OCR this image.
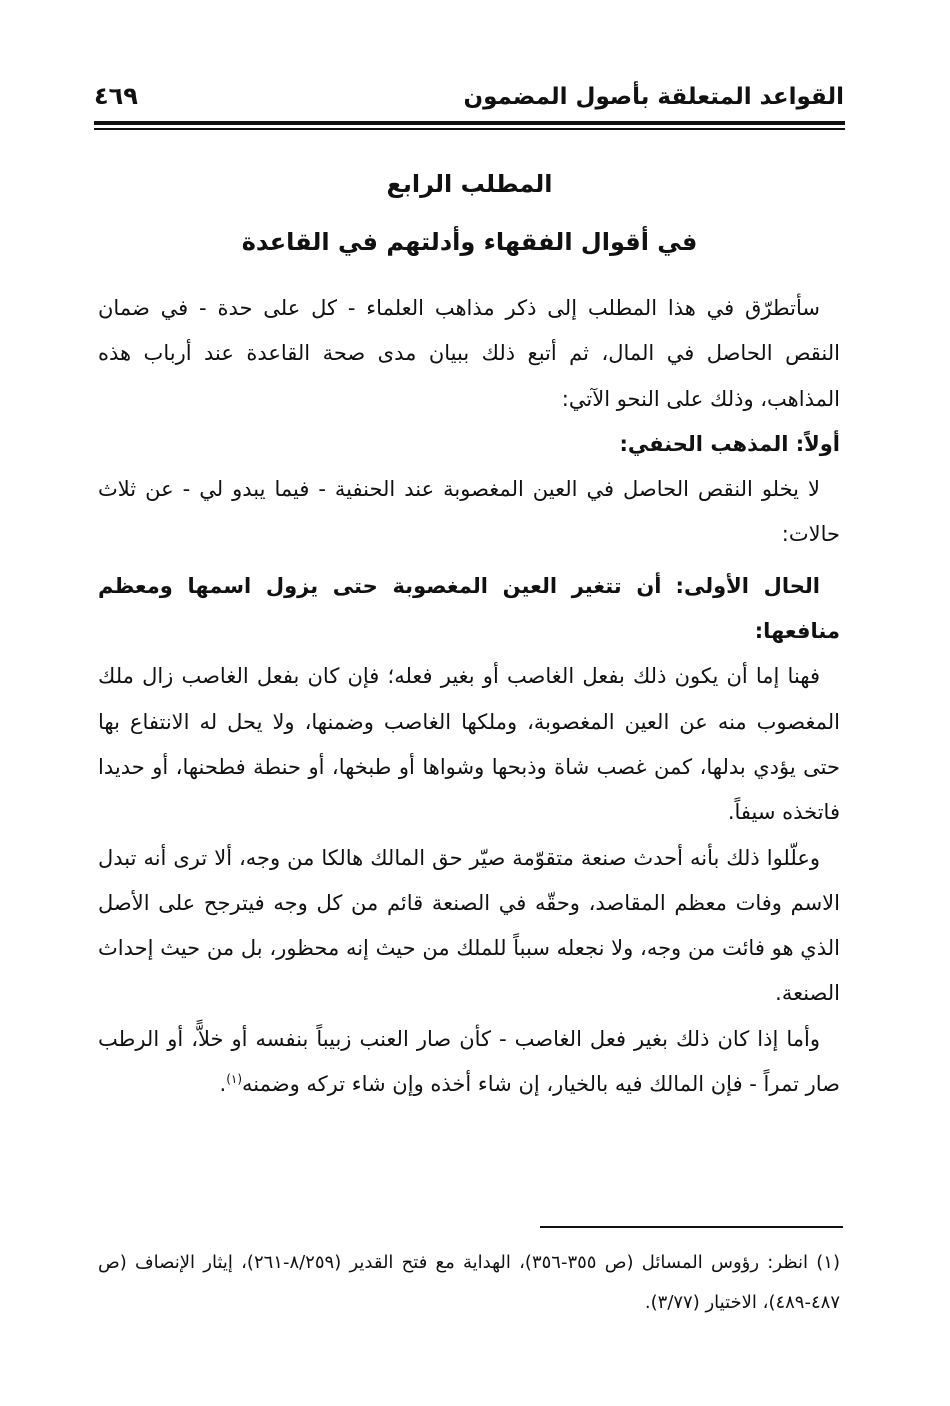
القواعد المتعلقة بأصول المضمون
٤٦٩
المطلب الرابع
في أقوال الفقهاء وأدلتهم في القاعدة

سأتطرّق في هذا المطلب إلى ذكر مذاهب العلماء - كل على حدة - في ضمان النقص الحاصل في المال، ثم أتبع ذلك ببيان مدى صحة القاعدة عند أرباب هذه المذاهب، وذلك على النحو الآتي:

أولاً: المذهب الحنفي:

لا يخلو النقص الحاصل في العين المغصوبة عند الحنفية - فيما يبدو لي - عن ثلاث حالات:

الحال الأولى: أن تتغير العين المغصوبة حتى يزول اسمها ومعظم منافعها:

فهنا إما أن يكون ذلك بفعل الغاصب أو بغير فعله؛ فإن كان بفعل الغاصب زال ملك المغصوب منه عن العين المغصوبة، وملكها الغاصب وضمنها، ولا يحل له الانتفاع بها حتى يؤدي بدلها، كمن غصب شاة وذبحها وشواها أو طبخها، أو حنطة فطحنها، أو حديدا فاتخذه سيفاً.

وعلّلوا ذلك بأنه أحدث صنعة متقوّمة صيّر حق المالك هالكا من وجه، ألا ترى أنه تبدل الاسم وفات معظم المقاصد، وحقّه في الصنعة قائم من كل وجه فيترجح على الأصل الذي هو فائت من وجه، ولا نجعله سبباً للملك من حيث إنه محظور، بل من حيث إحداث الصنعة.

وأما إذا كان ذلك بغير فعل الغاصب - كأن صار العنب زبيباً بنفسه أو خلاًّ، أو الرطب صار تمراً - فإن المالك فيه بالخيار، إن شاء أخذه وإن شاء تركه وضمنه$^{(١)}$.

(١) انظر: رؤوس المسائل (ص ٣٥٥-٣٥٦)، الهداية مع فتح القدير (٨/٢٥٩-٢٦١)، إيثار الإنصاف (ص ٤٨٧-٤٨٩)، الاختيار (٣/٧٧).
